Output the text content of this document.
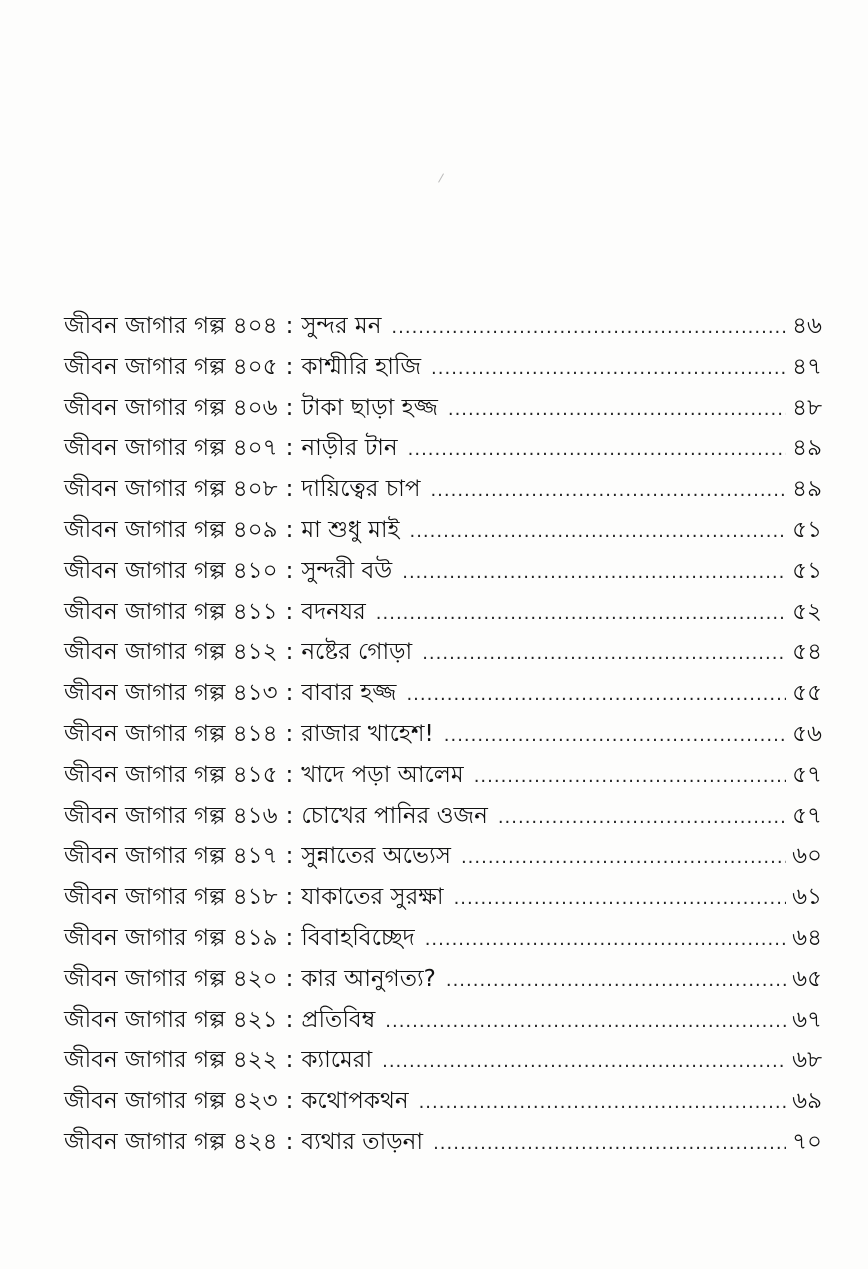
জীবন জাগার গল্প ৪০৪ : সুন্দর মন .....	৪৬
জীবন জাগার গল্প ৪০৫ : কাশ্মীরি হাজি .....	৪৭
জীবন জাগার গল্প ৪০৬ : টাকা ছাড়া হজ্জ .....	৪৮
জীবন জাগার গল্প ৪০৭ : নাড়ীর টান .....	৪৯
জীবন জাগার গল্প ৪০৮ : দায়িত্বের চাপ .....	৪৯
জীবন জাগার গল্প ৪০৯ : মা শুধু মাই .....	৫১
জীবন জাগার গল্প ৪১০ : সুন্দরী বউ .....	৫১
জীবন জাগার গল্প ৪১১ : বদনযর .....	৫২
জীবন জাগার গল্প ৪১২ : নষ্টের গোড়া .....	৫৪
জীবন জাগার গল্প ৪১৩ : বাবার হজ্জ .....	৫৫
জীবন জাগার গল্প ৪১৪ : রাজার খাহেশ! .....	৫৬
জীবন জাগার গল্প ৪১৫ : খাদে পড়া আলেম .....	৫৭
জীবন জাগার গল্প ৪১৬ : চোখের পানির ওজন .....	৫৭
জীবন জাগার গল্প ৪১৭ : সুন্নাতের অভ্যেস .....	৬০
জীবন জাগার গল্প ৪১৮ : যাকাতের সুরক্ষা .....	৬১
জীবন জাগার গল্প ৪১৯ : বিবাহবিচ্ছেদ .....	৬৪
জীবন জাগার গল্প ৪২০ : কার আনুগত্য? .....	৬৫
জীবন জাগার গল্প ৪২১ : প্রতিবিম্ব .....	৬৭
জীবন জাগার গল্প ৪২২ : ক্যামেরা .....	৬৮
জীবন জাগার গল্প ৪২৩ : কথোপকথন .....	৬৯
জীবন জাগার গল্প ৪২৪ : ব্যথার তাড়না .....	৭০
